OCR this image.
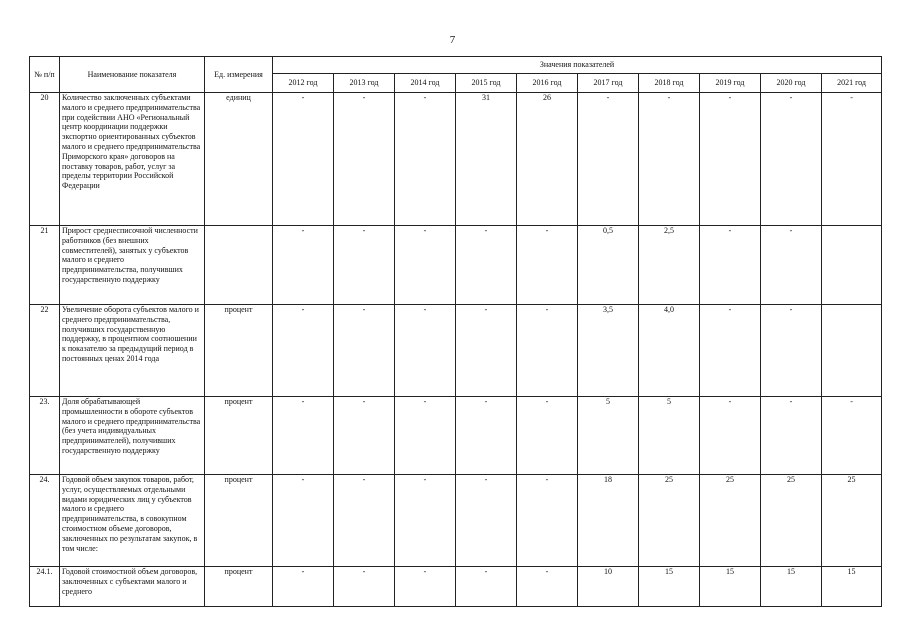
7
№ п/п	Наименование показателя	Ед. измерения	Значения показателей									
			2012 год	2013 год	2014 год	2015 год	2016 год	2017 год	2018 год	2019 год	2020 год	2021 год
20	Количество заключенных субъектами малого и среднего предпринимательства при содействии АНО «Региональный центр координации поддержки экспортно ориентированных субъектов малого и среднего предпринимательства Приморского края» договоров на поставку товаров, работ, услуг за пределы территории Российской Федерации	единиц	-	-	-	31	26	-	-	-	-	-
21	Прирост среднесписочной численности работников (без внешних совместителей), занятых у субъектов малого и среднего предпринимательства, получивших государственную поддержку		-	-	-	-	-	0,5	2,5	-	-	
22	Увеличение оборота субъектов малого и среднего предпринимательства, получивших государственную поддержку, в процентном соотношении к показателю за предыдущий период в постоянных ценах 2014 года	процент	-	-	-	-	-	3,5	4,0	-	-	
23.	Доля обрабатывающей промышленности в обороте субъектов малого и среднего предпринимательства (без учета индивидуальных предпринимателей), получивших государственную поддержку	процент	-	-	-	-	-	5	5	-	-	-
24.	Годовой объем закупок товаров, работ, услуг, осуществляемых отдельными видами юридических лиц у субъектов малого и среднего предпринимательства, в совокупном стоимостном объеме договоров, заключенных по результатам закупок, в том числе:	процент	-	-	-	-	-	18	25	25	25	25
24.1.	Годовой стоимостной объем договоров, заключенных с субъектами малого и среднего	процент	-	-	-	-	-	10	15	15	15	15
